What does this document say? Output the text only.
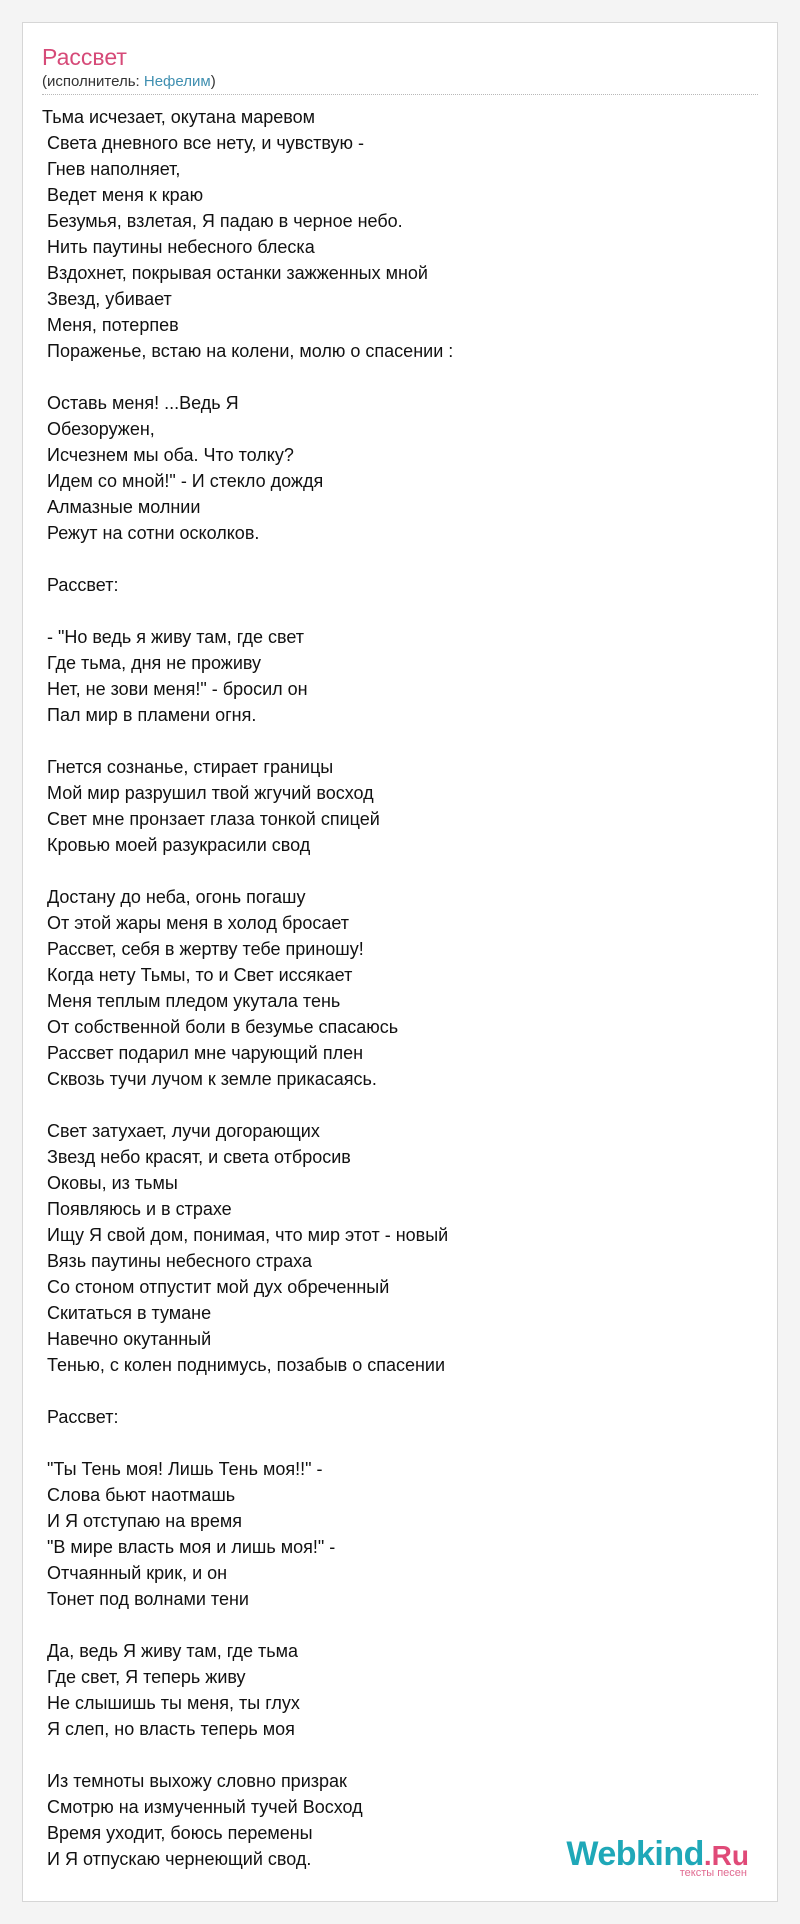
Рассвет
(исполнитель: Нефелим)
Тьма исчезает, окутана маревом
Света дневного все нету, и чувствую -
Гнев наполняет,
Ведет меня к краю
Безумья, взлетая, Я падаю в черное небо.
Нить паутины небесного блеска
Вздохнет, покрывая останки зажженных мной
Звезд, убивает
Меня, потерпев
Пораженье, встаю на колени, молю о спасении :
Оставь меня! ...Ведь Я
Обезоружен,
Исчезнем мы оба. Что толку?
Идем со мной!" - И стекло дождя
Алмазные молнии
Режут на сотни осколков.
Рассвет:
- "Но ведь я живу там, где свет
Где тьма, дня не проживу
Нет, не зови меня!" - бросил он
Пал мир в пламени огня.
Гнется сознанье, стирает границы
Мой мир разрушил твой жгучий восход
Свет мне пронзает глаза тонкой спицей
Кровью моей разукрасили свод
Достану до неба, огонь погашу
От этой жары меня в холод бросает
Рассвет, себя в жертву тебе приношу!
Когда нету Тьмы, то и Свет иссякает
Меня теплым пледом укутала тень
От собственной боли в безумье спасаюсь
Рассвет подарил мне чарующий плен
Сквозь тучи лучом к земле прикасаясь.
Свет затухает, лучи догорающих
Звезд небо красят, и света отбросив
Оковы, из тьмы
Появляюсь и в страхе
Ищу Я свой дом, понимая, что мир этот - новый
Вязь паутины небесного страха
Со стоном отпустит мой дух обреченный
Скитаться в тумане
Навечно окутанный
Тенью, с колен поднимусь, позабыв о спасении
Рассвет:
"Ты Тень моя! Лишь Тень моя!!" -
Слова бьют наотмашь
И Я отступаю на время
"В мире власть моя и лишь моя!" -
Отчаянный крик, и он
Тонет под волнами тени
Да, ведь Я живу там, где тьма
Где свет, Я теперь живу
Не слышишь ты меня, ты глух
Я слеп, но власть теперь моя
Из темноты выхожу словно призрак
Смотрю на измученный тучей Восход
Время уходит, боюсь перемены
И Я отпускаю чернеющий свод.	Webkind.Ru
тексты песен
